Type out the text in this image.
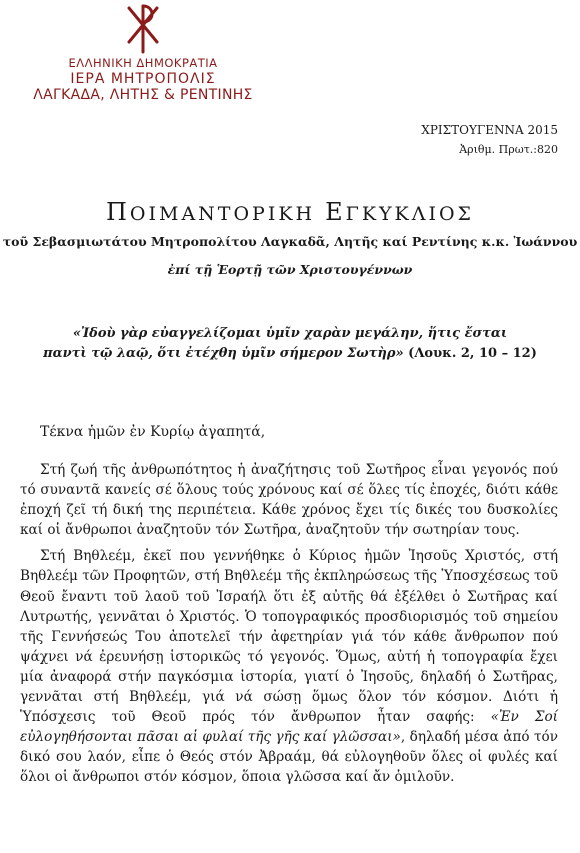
ΕΛΛΗΝΙΚΗ ΔΗΜΟΚΡΑΤΙΑ
ΙΕΡΑ ΜΗΤΡΟΠΟΛΙΣ
ΛΑΓΚΑΔΑ, ΛΗΤΗΣ & ΡΕΝΤΙΝΗΣ
ΧΡΙΣΤΟΥΓΕΝΝΑ 2015
Ἀριθμ. Πρωτ.:820
ΠΟΙΜΑΝΤΟΡΙΚΗ ΕΓΚΥΚΛΙΟΣ
τοῦ Σεβασμιωτάτου Μητροπολίτου Λαγκαδᾶ, Λητῆς καί Ρεντίνης κ.κ. Ἰωάννου
ἐπί τῇ Ἑορτῇ τῶν Χριστουγέννων
«Ἰδοὺ γὰρ εὐαγγελίζομαι ὑμῖν χαρὰν μεγάλην, ἥτις ἔσται
παντὶ τῷ λαῷ, ὅτι ἐτέχθη ὑμῖν σήμερον Σωτὴρ» (Λουκ. 2, 10 – 12)
Τέκνα ἡμῶν ἐν Κυρίῳ ἀγαπητά,

Στή ζωή τῆς ἀνθρωπότητος ἡ ἀναζήτησις τοῦ Σωτῆρος εἶναι γεγονός πού τό συναντᾶ κανείς σέ ὅλους τούς χρόνους καί σέ ὅλες τίς ἐποχές, διότι κάθε ἐποχή ζεῖ τή δική της περιπέτεια. Κάθε χρόνος ἔχει τίς δικές του δυσκολίες καί οἱ ἄνθρωποι ἀναζητοῦν τόν Σωτῆρα, ἀναζητοῦν τήν σωτηρίαν τους.

Στή Βηθλεέμ, ἐκεῖ που γεννήθηκε ὁ Κύριος ἡμῶν Ἰησοῦς Χριστός, στή Βηθλεέμ τῶν Προφητῶν, στή Βηθλεέμ τῆς ἐκπληρώσεως τῆς Ὑποσχέσεως τοῦ Θεοῦ ἔναντι τοῦ λαοῦ τοῦ Ἰσραήλ ὅτι ἐξ αὐτῆς θά ἐξέλθει ὁ Σωτῆρας καί Λυτρωτής, γεννᾶται ὁ Χριστός. Ὁ τοπογραφικός προσδιορισμός τοῦ σημείου τῆς Γεννήσεώς Του ἀποτελεῖ τήν ἀφετηρίαν γιά τόν κάθε ἄνθρωπον πού ψάχνει νά ἐρευνήσῃ ἱστορικῶς τό γεγονός. Ὅμως, αὐτή ἡ τοπογραφία ἔχει μία ἀναφορά στήν παγκόσμια ἱστορία, γιατί ὁ Ἰησοῦς, δηλαδή ὁ Σωτῆρας, γεννᾶται στή Βηθλεέμ, γιά νά σώσῃ ὅμως ὅλον τόν κόσμον. Διότι ἡ Ὑπόσχεσις τοῦ Θεοῦ πρός τόν ἄνθρωπον ἦταν σαφής: «Ἐν Σοί εὐλογηθήσονται πᾶσαι αἱ φυλαί τῆς γῆς καί γλῶσσαι», δηλαδή μέσα ἀπό τόν δικό σου λαόν, εἶπε ὁ Θεός στόν Ἀβραάμ, θά εὐλογηθοῦν ὅλες οἱ φυλές καί ὅλοι οἱ ἄνθρωποι στόν κόσμον, ὅποια γλῶσσα καί ἄν ὁμιλοῦν.
